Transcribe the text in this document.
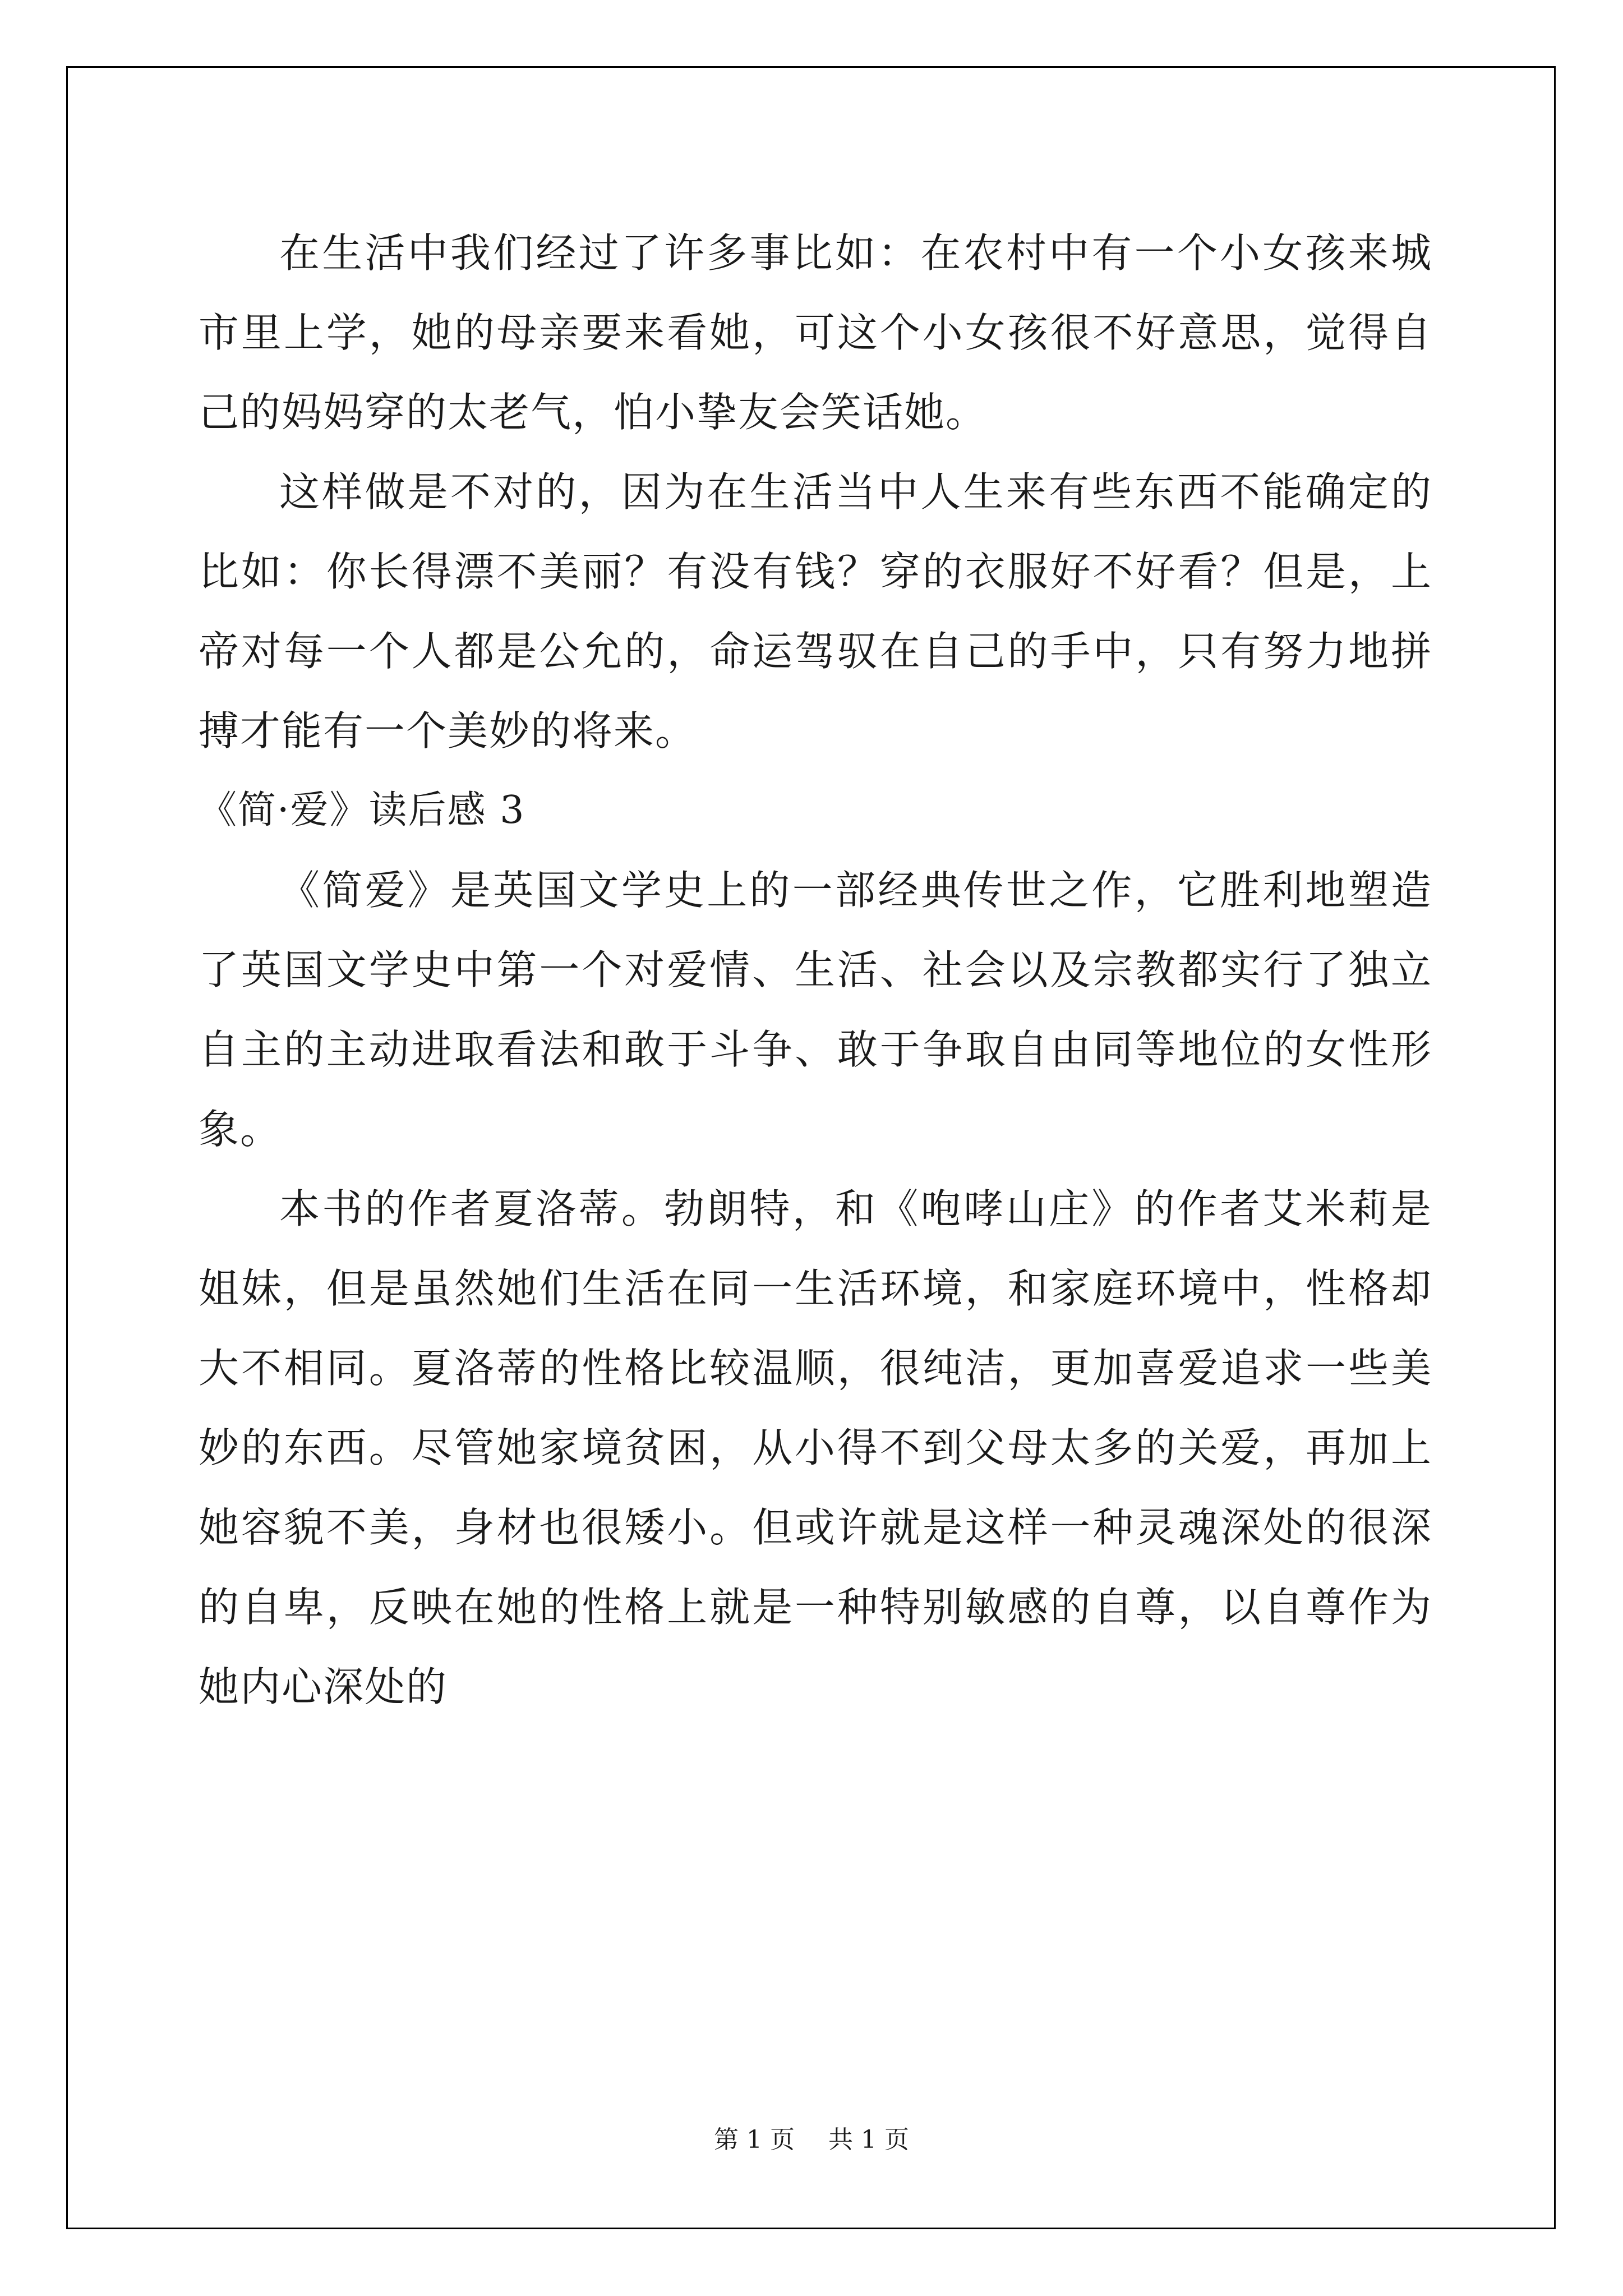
在生活中我们经过了许多事比如：在农村中有一个小女孩来城市里上学，她的母亲要来看她，可这个小女孩很不好意思，觉得自己的妈妈穿的太老气，怕小挚友会笑话她。

这样做是不对的，因为在生活当中人生来有些东西不能确定的比如：你长得漂不美丽？有没有钱？穿的衣服好不好看？但是，上帝对每一个人都是公允的，命运驾驭在自己的手中，只有努力地拼搏才能有一个美妙的将来。

《简·爱》读后感 3

《简爱》是英国文学史上的一部经典传世之作，它胜利地塑造了英国文学史中第一个对爱情、生活、社会以及宗教都实行了独立自主的主动进取看法和敢于斗争、敢于争取自由同等地位的女性形象。

本书的作者夏洛蒂。勃朗特，和《咆哮山庄》的作者艾米莉是姐妹，但是虽然她们生活在同一生活环境，和家庭环境中，性格却大不相同。夏洛蒂的性格比较温顺，很纯洁，更加喜爱追求一些美妙的东西。尽管她家境贫困，从小得不到父母太多的关爱，再加上她容貌不美，身材也很矮小。但或许就是这样一种灵魂深处的很深的自卑，反映在她的性格上就是一种特别敏感的自尊，以自尊作为她内心深处的

第 1 页 共 1 页
